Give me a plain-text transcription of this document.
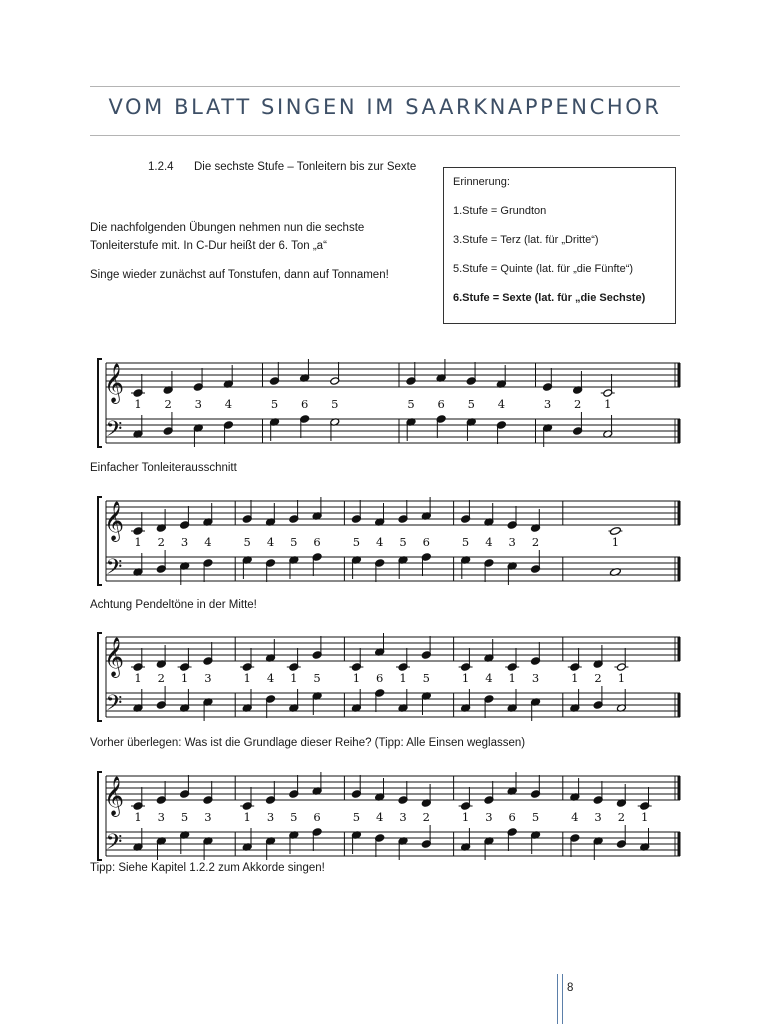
VOM BLATT SINGEN IM SAARKNAPPENCHOR
1.2.4 Die sechste Stufe – Tonleitern bis zur Sexte

Die nachfolgenden Übungen nehmen nun die sechste
Tonleiterstufe mit. In C-Dur heißt der 6. Ton „a“

Singe wieder zunächst auf Tonstufen, dann auf Tonnamen!

Erinnerung:
1.Stufe = Grundton
3.Stufe = Terz (lat. für „Dritte“)
5.Stufe = Quinte (lat. für „die Fünfte“)
6.Stufe = Sexte (lat. für „die Sechste)
𝄞
𝄢
1 2 3 4	5 6 5	5 6 5 4	3 2 1

Einfacher Tonleiterausschnitt

𝄞
𝄢
1 2 3 4	5 4 5 6	5 4 5 6	5 4 3 2	1

Achtung Pendeltöne in der Mitte!

𝄞
𝄢
1 2 1 3	1 4 1 5	1 6 1 5	1 4 1 3	1 2 1

Vorher überlegen: Was ist die Grundlage dieser Reihe? (Tipp: Alle Einsen weglassen)

𝄞
𝄢
1 3 5 3	1 3 5 6	5 4 3 2	1 3 6 5	4 3 2 1

Tipp: Siehe Kapitel 1.2.2 zum Akkorde singen!

8
